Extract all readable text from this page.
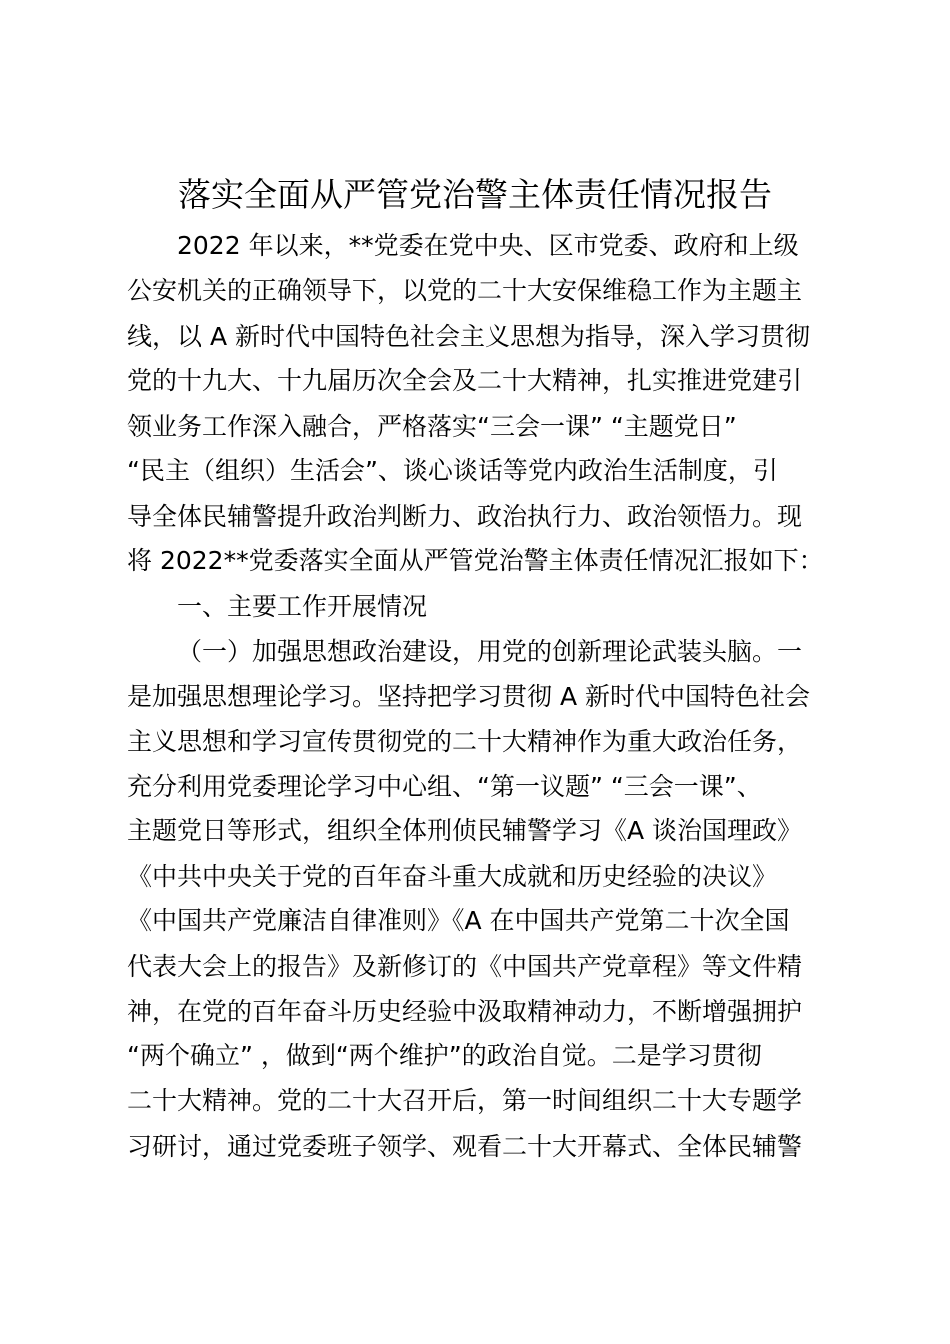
落实全面从严管党治警主体责任情况报告
2022 年以来，**党委在党中央、区市党委、政府和上级
公安机关的正确领导下，以党的二十大安保维稳工作为主题主
线，以 A 新时代中国特色社会主义思想为指导，深入学习贯彻
党的十九大、十九届历次全会及二十大精神，扎实推进党建引
领业务工作深入融合，严格落实“三会一课” “主题党日”
“民主（组织）生活会”、谈心谈话等党内政治生活制度，引
导全体民辅警提升政治判断力、政治执行力、政治领悟力。现
将 2022**党委落实全面从严管党治警主体责任情况汇报如下：
一、主要工作开展情况
（一）加强思想政治建设，用党的创新理论武装头脑。一
是加强思想理论学习。坚持把学习贯彻 A 新时代中国特色社会
主义思想和学习宣传贯彻党的二十大精神作为重大政治任务，
充分利用党委理论学习中心组、“第一议题” “三会一课”、
主题党日等形式，组织全体刑侦民辅警学习《A 谈治国理政》
《中共中央关于党的百年奋斗重大成就和历史经验的决议》
《中国共产党廉洁自律准则》《A 在中国共产党第二十次全国
代表大会上的报告》及新修订的《中国共产党章程》等文件精
神，在党的百年奋斗历史经验中汲取精神动力，不断增强拥护
“两个确立” ，做到“两个维护”的政治自觉。二是学习贯彻
二十大精神。党的二十大召开后，第一时间组织二十大专题学
习研讨，通过党委班子领学、观看二十大开幕式、全体民辅警
